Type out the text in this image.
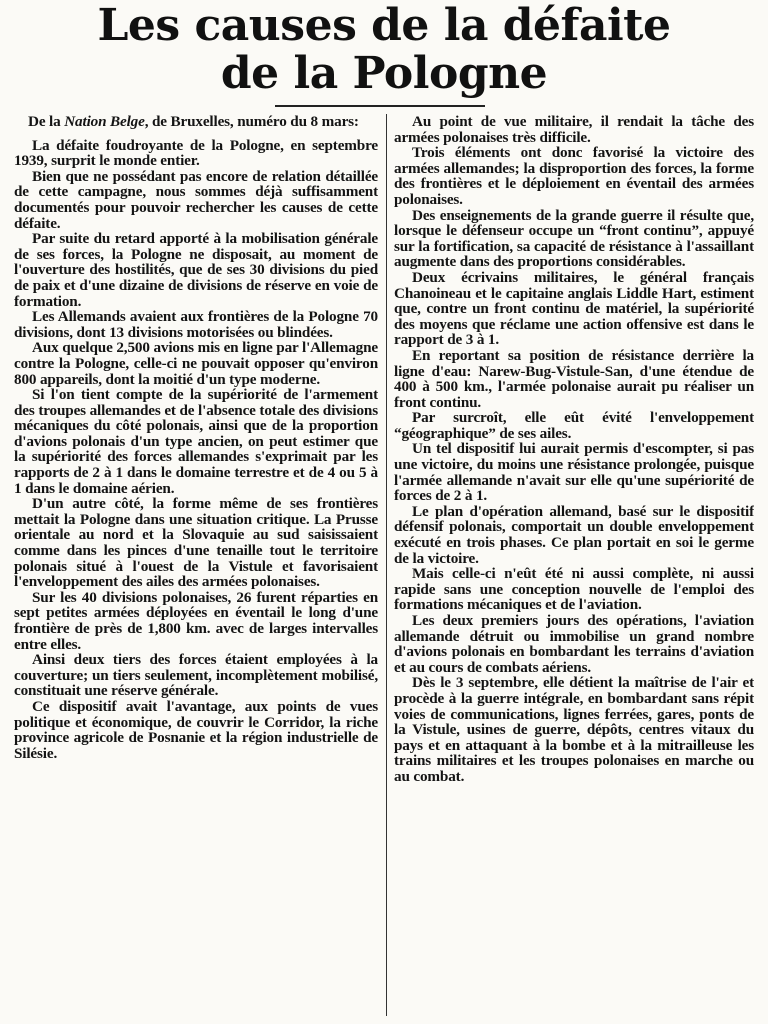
Les causes de la défaite
de la Pologne

De la Nation Belge, de Bruxelles, numéro du 8 mars:

La défaite foudroyante de la Pologne, en septembre 1939, surprit le monde entier.

Bien que ne possédant pas encore de relation détaillée de cette campagne, nous sommes déjà suffisamment documentés pour pouvoir rechercher les causes de cette défaite.

Par suite du retard apporté à la mobilisation générale de ses forces, la Pologne ne disposait, au moment de l'ouverture des hostilités, que de ses 30 divisions du pied de paix et d'une dizaine de divisions de réserve en voie de formation.

Les Allemands avaient aux frontières de la Pologne 70 divisions, dont 13 divisions motorisées ou blindées.

Aux quelque 2,500 avions mis en ligne par l'Allemagne contre la Pologne, celle-ci ne pouvait opposer qu'environ 800 appareils, dont la moitié d'un type moderne.

Si l'on tient compte de la supériorité de l'armement des troupes allemandes et de l'absence totale des divisions mécaniques du côté polonais, ainsi que de la proportion d'avions polonais d'un type ancien, on peut estimer que la supériorité des forces allemandes s'exprimait par les rapports de 2 à 1 dans le domaine terrestre et de 4 ou 5 à 1 dans le domaine aérien.

D'un autre côté, la forme même de ses frontières mettait la Pologne dans une situation critique. La Prusse orientale au nord et la Slovaquie au sud saisissaient comme dans les pinces d'une tenaille tout le territoire polonais situé à l'ouest de la Vistule et favorisaient l'enveloppement des ailes des armées polonaises.

Sur les 40 divisions polonaises, 26 furent réparties en sept petites armées déployées en éventail le long d'une frontière de près de 1,800 km. avec de larges intervalles entre elles.

Ainsi deux tiers des forces étaient employées à la couverture; un tiers seulement, incomplètement mobilisé, constituait une réserve générale.

Ce dispositif avait l'avantage, aux points de vues politique et économique, de couvrir le Corridor, la riche province agricole de Posnanie et la région industrielle de Silésie.

Au point de vue militaire, il rendait la tâche des armées polonaises très difficile.

Trois éléments ont donc favorisé la victoire des armées allemandes; la disproportion des forces, la forme des frontières et le déploiement en éventail des armées polonaises.

Des enseignements de la grande guerre il résulte que, lorsque le défenseur occupe un “front continu”, appuyé sur la fortification, sa capacité de résistance à l'assaillant augmente dans des proportions considérables.

Deux écrivains militaires, le général français Chanoineau et le capitaine anglais Liddle Hart, estiment que, contre un front continu de matériel, la supériorité des moyens que réclame une action offensive est dans le rapport de 3 à 1.

En reportant sa position de résistance derrière la ligne d'eau: Narew-Bug-Vistule-San, d'une étendue de 400 à 500 km., l'armée polonaise aurait pu réaliser un front continu.

Par surcroît, elle eût évité l'enveloppement “géographique” de ses ailes.

Un tel dispositif lui aurait permis d'escompter, si pas une victoire, du moins une résistance prolongée, puisque l'armée allemande n'avait sur elle qu'une supériorité de forces de 2 à 1.

Le plan d'opération allemand, basé sur le dispositif défensif polonais, comportait un double enveloppement exécuté en trois phases. Ce plan portait en soi le germe de la victoire.

Mais celle-ci n'eût été ni aussi complète, ni aussi rapide sans une conception nouvelle de l'emploi des formations mécaniques et de l'aviation.

Les deux premiers jours des opérations, l'aviation allemande détruit ou immobilise un grand nombre d'avions polonais en bombardant les terrains d'aviation et au cours de combats aériens.

Dès le 3 septembre, elle détient la maîtrise de l'air et procède à la guerre intégrale, en bombardant sans répit voies de communications, lignes ferrées, gares, ponts de la Vistule, usines de guerre, dépôts, centres vitaux du pays et en attaquant à la bombe et à la mitrailleuse les trains militaires et les troupes polonaises en marche ou au combat.
